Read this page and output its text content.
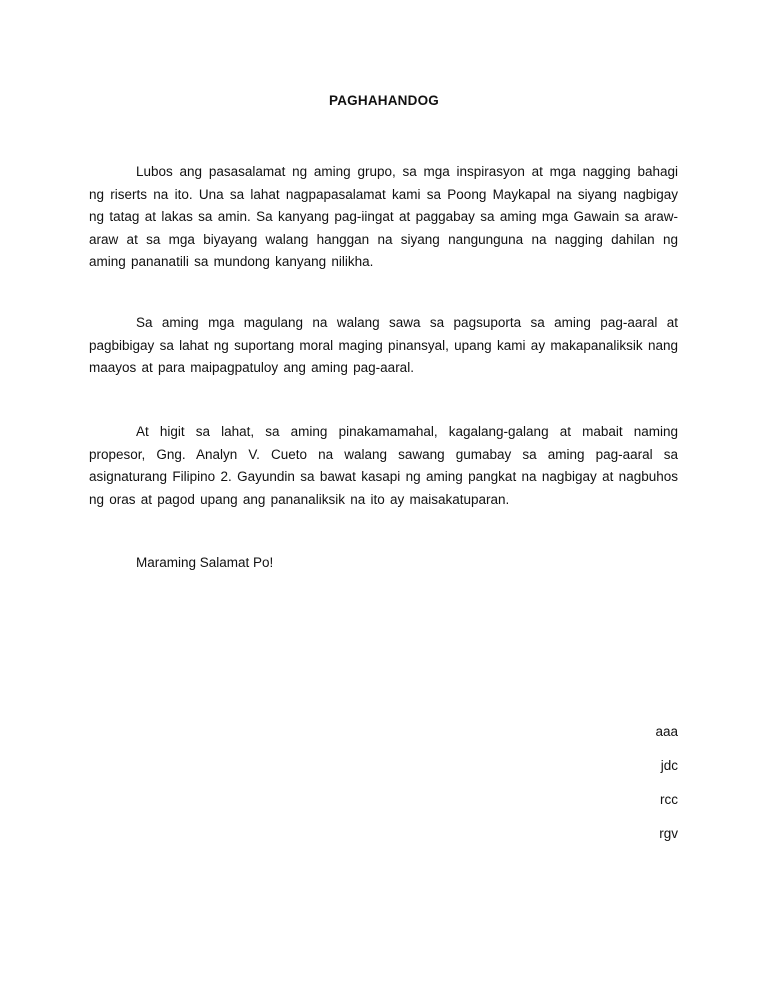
PAGHAHANDOG

Lubos ang pasasalamat ng aming grupo, sa mga inspirasyon at mga nagging bahagi ng riserts na ito. Una sa lahat nagpapasalamat kami sa Poong Maykapal na siyang nagbigay ng tatag at lakas sa amin. Sa kanyang pag-iingat at paggabay sa aming mga Gawain sa araw-araw at sa mga biyayang walang hanggan na siyang nangunguna na nagging dahilan ng aming pananatili sa mundong kanyang nilikha.

Sa aming mga magulang na walang sawa sa pagsuporta sa aming pag-aaral at pagbibigay sa lahat ng suportang moral maging pinansyal, upang kami ay makapanaliksik nang maayos at para maipagpatuloy ang aming pag-aaral.

At higit sa lahat, sa aming pinakamamahal, kagalang-galang at mabait naming propesor, Gng. Analyn V. Cueto na walang sawang gumabay sa aming pag-aaral sa asignaturang Filipino 2. Gayundin sa bawat kasapi ng aming pangkat na nagbigay at nagbuhos ng oras at pagod upang ang pananaliksik na ito ay maisakatuparan.

Maraming Salamat Po!
aaa
jdc
rcc
rgv
